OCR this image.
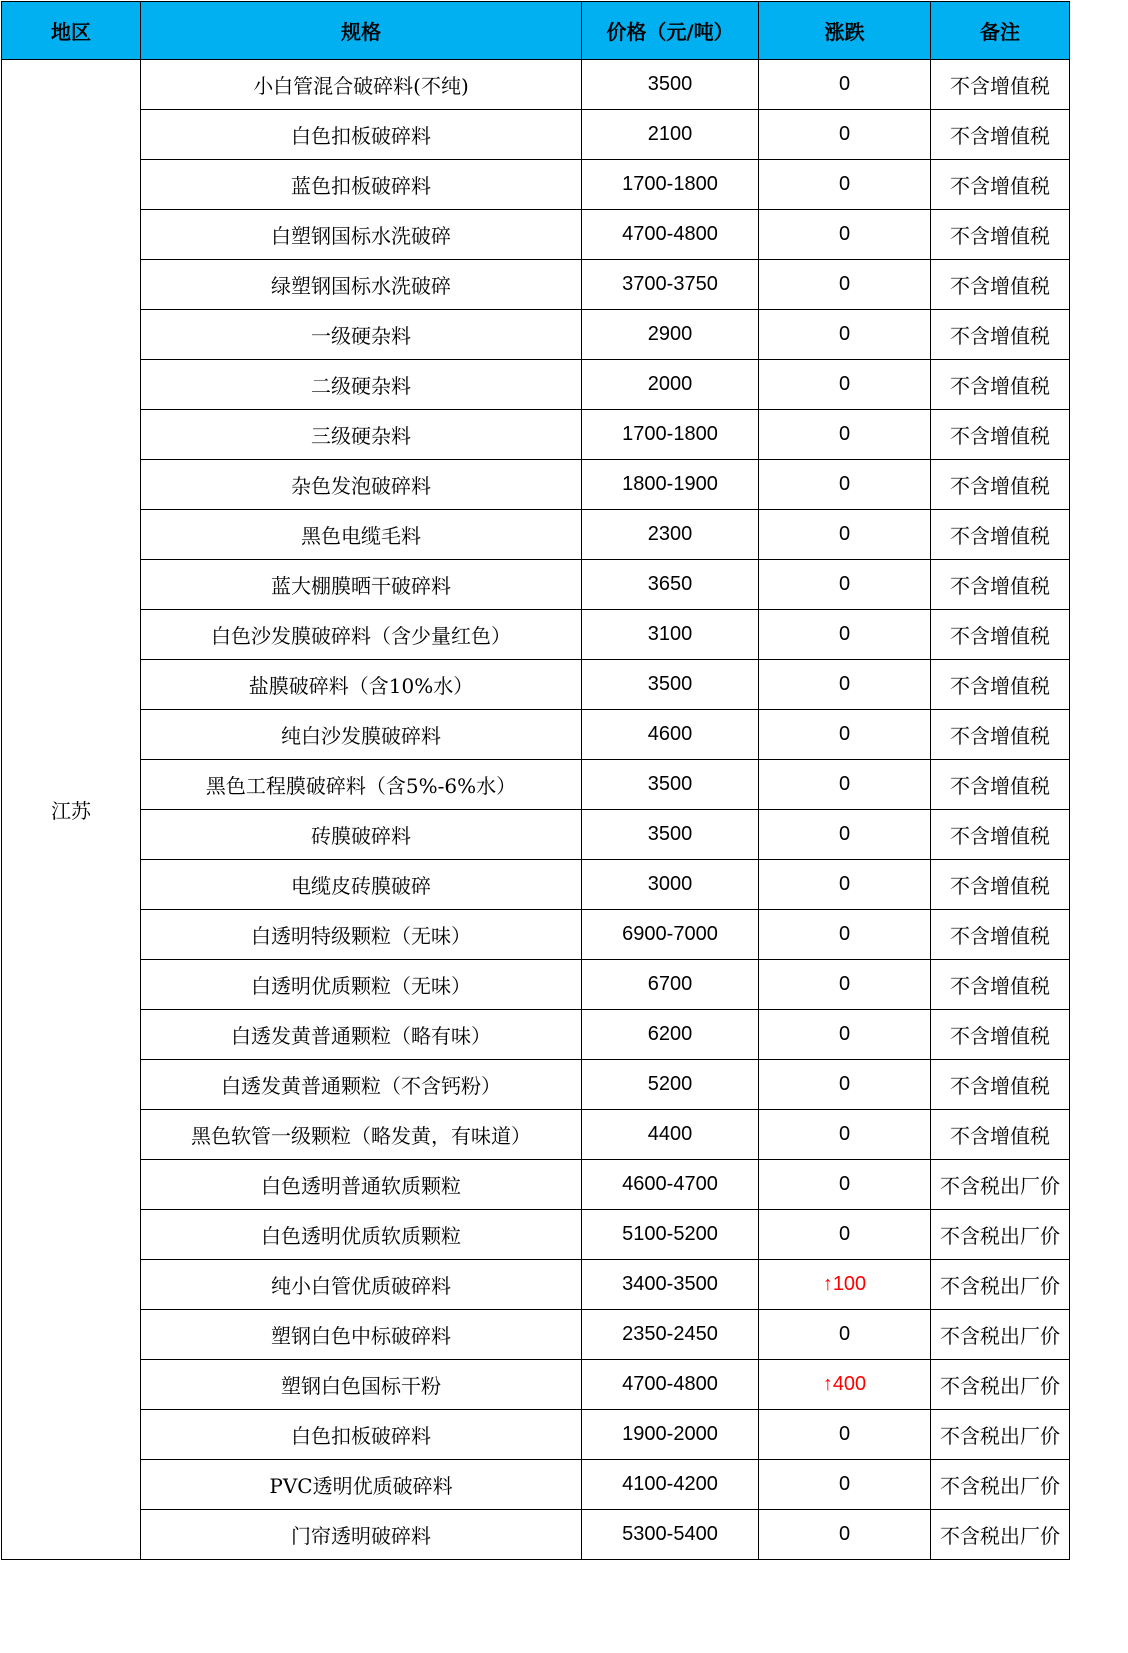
地区	规格	价格（元/吨）	涨跌	备注
江苏	小白管混合破碎料(不纯)	3500	0	不含增值税
	白色扣板破碎料	2100	0	不含增值税
	蓝色扣板破碎料	1700-1800	0	不含增值税
	白塑钢国标水洗破碎	4700-4800	0	不含增值税
	绿塑钢国标水洗破碎	3700-3750	0	不含增值税
	一级硬杂料	2900	0	不含增值税
	二级硬杂料	2000	0	不含增值税
	三级硬杂料	1700-1800	0	不含增值税
	杂色发泡破碎料	1800-1900	0	不含增值税
	黑色电缆毛料	2300	0	不含增值税
	蓝大棚膜晒干破碎料	3650	0	不含增值税
	白色沙发膜破碎料（含少量红色）	3100	0	不含增值税
	盐膜破碎料（含10%水）	3500	0	不含增值税
	纯白沙发膜破碎料	4600	0	不含增值税
	黑色工程膜破碎料（含5%-6%水）	3500	0	不含增值税
	砖膜破碎料	3500	0	不含增值税
	电缆皮砖膜破碎	3000	0	不含增值税
	白透明特级颗粒（无味）	6900-7000	0	不含增值税
	白透明优质颗粒（无味）	6700	0	不含增值税
	白透发黄普通颗粒（略有味）	6200	0	不含增值税
	白透发黄普通颗粒（不含钙粉）	5200	0	不含增值税
	黑色软管一级颗粒（略发黄，有味道）	4400	0	不含增值税
	白色透明普通软质颗粒	4600-4700	0	不含税出厂价
	白色透明优质软质颗粒	5100-5200	0	不含税出厂价
	纯小白管优质破碎料	3400-3500	↑100	不含税出厂价
	塑钢白色中标破碎料	2350-2450	0	不含税出厂价
	塑钢白色国标干粉	4700-4800	↑400	不含税出厂价
	白色扣板破碎料	1900-2000	0	不含税出厂价
	PVC透明优质破碎料	4100-4200	0	不含税出厂价
	门帘透明破碎料	5300-5400	0	不含税出厂价
